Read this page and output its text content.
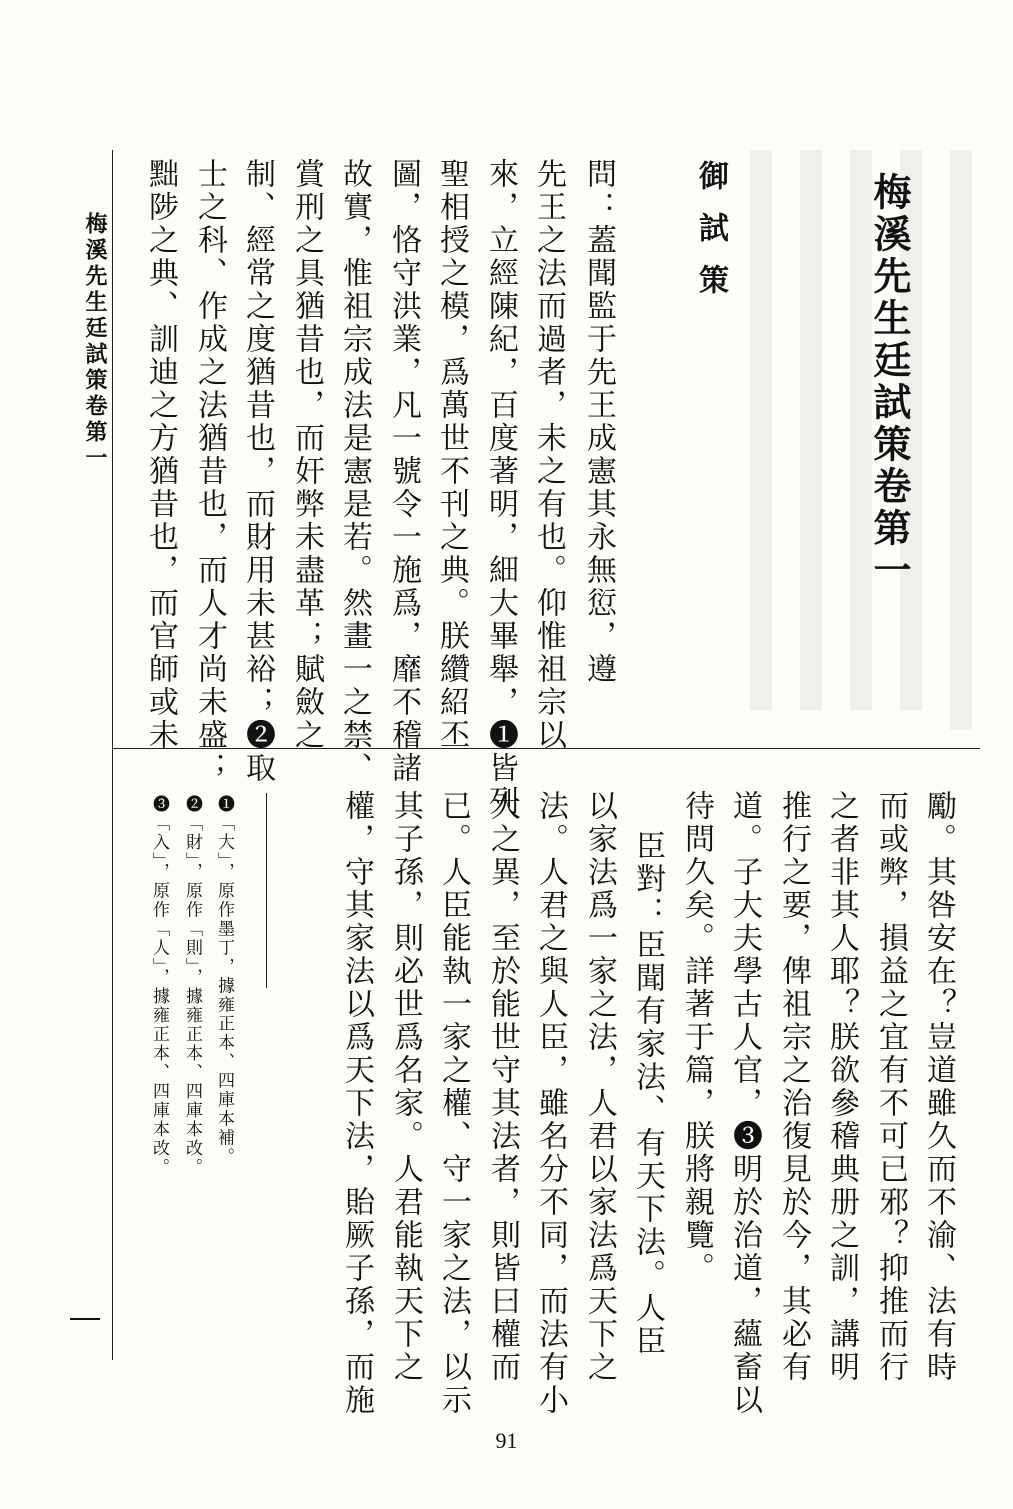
梅溪先生廷試策卷第一
御試策
梅溪先生廷試策卷第一	問：蓋聞監于先王成憲其永無愆，遵
先王之法而過者，未之有也。仰惟祖宗以
來，立經陳紀，百度著明，細大畢舉，❶皆列
聖相授之模，爲萬世不刊之典。朕纘紹丕
圖，恪守洪業，凡一號令一施爲，靡不稽諸
故實，惟祖宗成法是憲是若。然畫一之禁、
賞刑之具猶昔也，而奸弊未盡革；賦斂之
制、經常之度猶昔也，而財用未甚裕；❷取
士之科、作成之法猶昔也，而人才尚未盛；
黜陟之典、訓迪之方猶昔也，而官師或未
勵。其咎安在？豈道雖久而不渝、法有時
而或弊，損益之宜有不可已邪？抑推而行
之者非其人耶？朕欲參稽典册之訓，講明
推行之要，俾祖宗之治復見於今，其必有
道。子大夫學古人官，❸明於治道，蘊畜以
待問久矣。詳著于篇，朕將親覽。
臣對：臣聞有家法、有天下法。人臣
以家法爲一家之法，人君以家法爲天下之
法。人君之與人臣，雖名分不同，而法有小
大之異，至於能世守其法者，則皆曰權而
已。人臣能執一家之權、守一家之法，以示
其子孫，則必世爲名家。人君能執天下之
權，守其家法以爲天下法，貽厥子孫，而施
❶「大」，原作墨丁，據雍正本、四庫本補。
❷「財」，原作「則」，據雍正本、四庫本改。
❸「入」，原作「人」，據雍正本、四庫本改。
91
